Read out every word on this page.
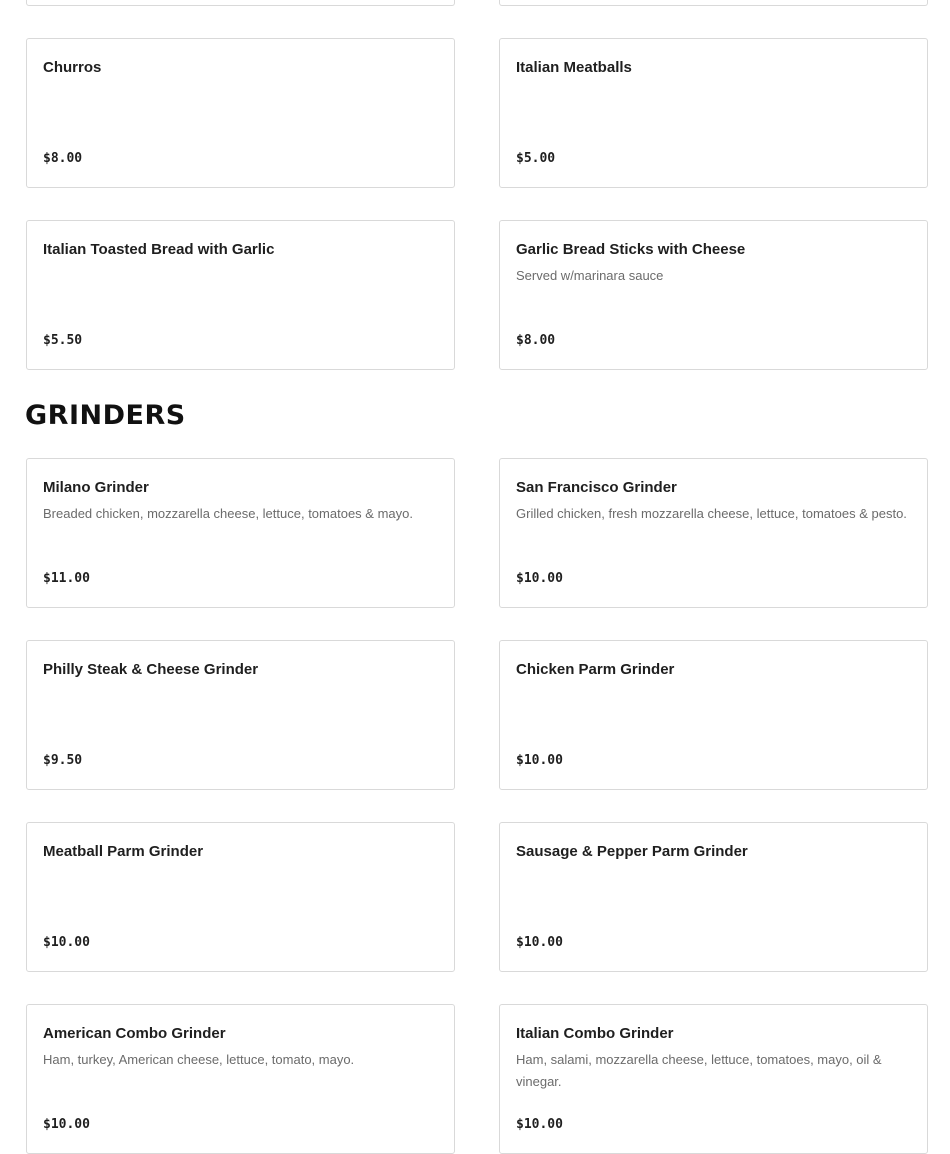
Churros
$8.00
Italian Meatballs
$5.00
Italian Toasted Bread with Garlic
$5.50
Garlic Bread Sticks with Cheese
Served w/marinara sauce
$8.00
GRINDERS
Milano Grinder
Breaded chicken, mozzarella cheese, lettuce, tomatoes & mayo.
$11.00
San Francisco Grinder
Grilled chicken, fresh mozzarella cheese, lettuce, tomatoes & pesto.
$10.00
Philly Steak & Cheese Grinder
$9.50
Chicken Parm Grinder
$10.00
Meatball Parm Grinder
$10.00
Sausage & Pepper Parm Grinder
$10.00
American Combo Grinder
Ham, turkey, American cheese, lettuce, tomato, mayo.
$10.00
Italian Combo Grinder
Ham, salami, mozzarella cheese, lettuce, tomatoes, mayo, oil & vinegar.
$10.00
